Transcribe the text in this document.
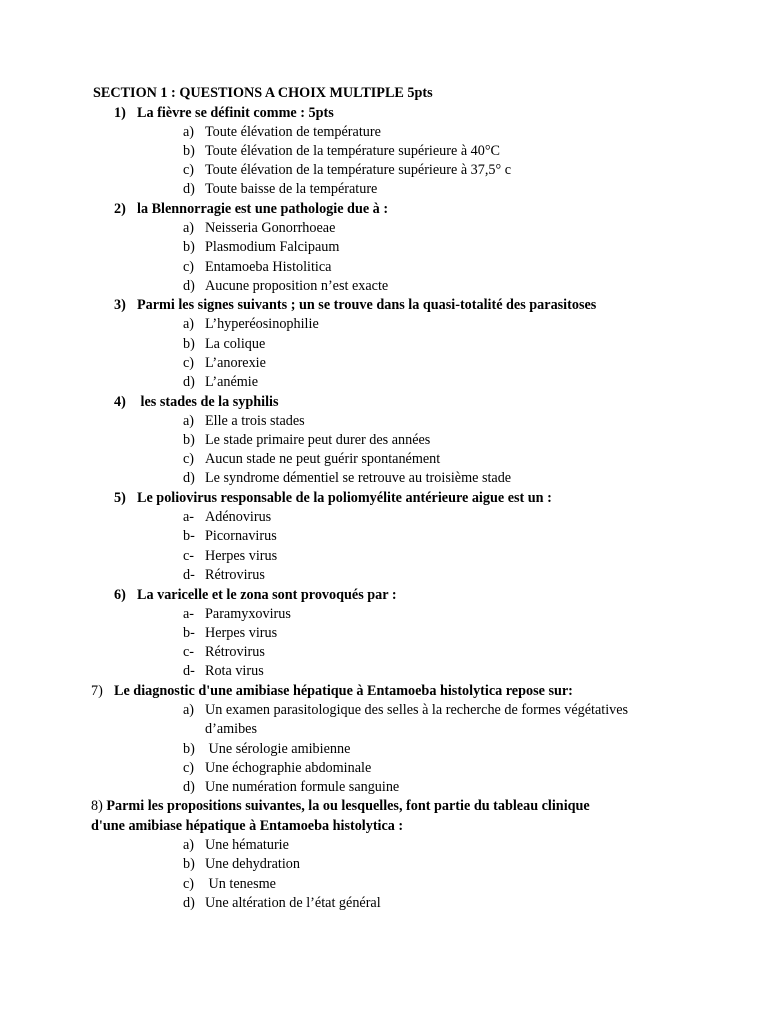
SECTION 1 : QUESTIONS A CHOIX MULTIPLE 5pts
1) La fièvre se définit comme : 5pts
a) Toute élévation de température
b) Toute élévation de la température supérieure à 40°C
c) Toute élévation de la température supérieure à 37,5° c
d) Toute baisse de la température
2) la Blennorragie est une pathologie due à :
a) Neisseria Gonorrhoeae
b) Plasmodium Falcipaum
c) Entamoeba Histolitica
d) Aucune proposition n’est exacte
3) Parmi les signes suivants ; un se trouve dans la quasi-totalité des parasitoses
a) L’hyperéosinophilie
b) La colique
c) L’anorexie
d) L’anémie
4) les stades de la syphilis
a) Elle a trois stades
b) Le stade primaire peut durer des années
c) Aucun stade ne peut guérir spontanément
d) Le syndrome démentiel se retrouve au troisième stade
5) Le poliovirus responsable de la poliomyélite antérieure aigue est un :
a- Adénovirus
b- Picornavirus
c- Herpes virus
d- Rétrovirus
6) La varicelle et le zona sont provoqués par :
a- Paramyxovirus
b- Herpes virus
c- Rétrovirus
d- Rota virus
7) Le diagnostic d'une amibiase hépatique à Entamoeba histolytica repose sur:
a) Un examen parasitologique des selles à la recherche de formes végétatives
d’amibes
b) Une sérologie amibienne
c) Une échographie abdominale
d) Une numération formule sanguine
8) Parmi les propositions suivantes, la ou lesquelles, font partie du tableau clinique
d'une amibiase hépatique à Entamoeba histolytica :
a) Une hématurie
b) Une dehydration
c) Un tenesme
d) Une altération de l’état général
